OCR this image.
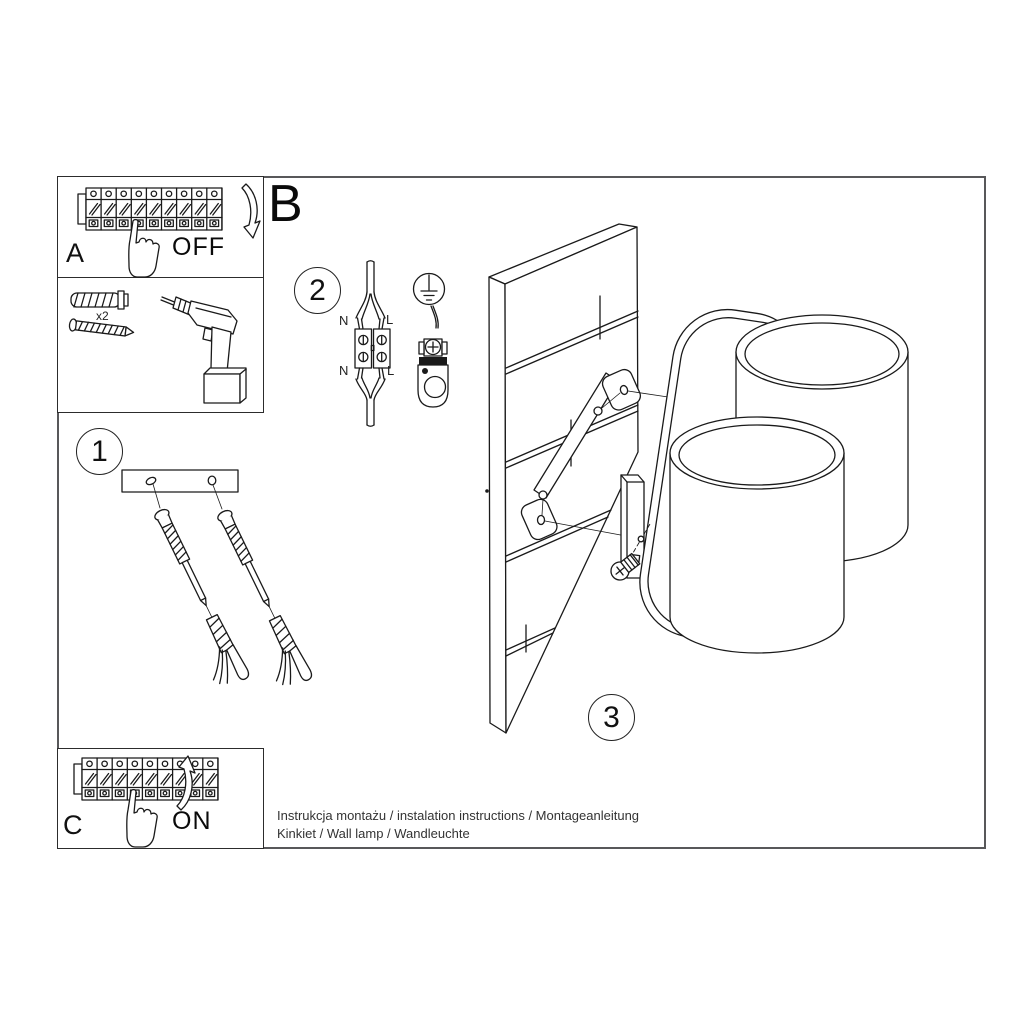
A	OFF
x2
B
C	ON
1
2
3
N	L
N	L
Instrukcja montażu / instalation instructions / Montageanleitung
Kinkiet / Wall lamp / Wandleuchte
